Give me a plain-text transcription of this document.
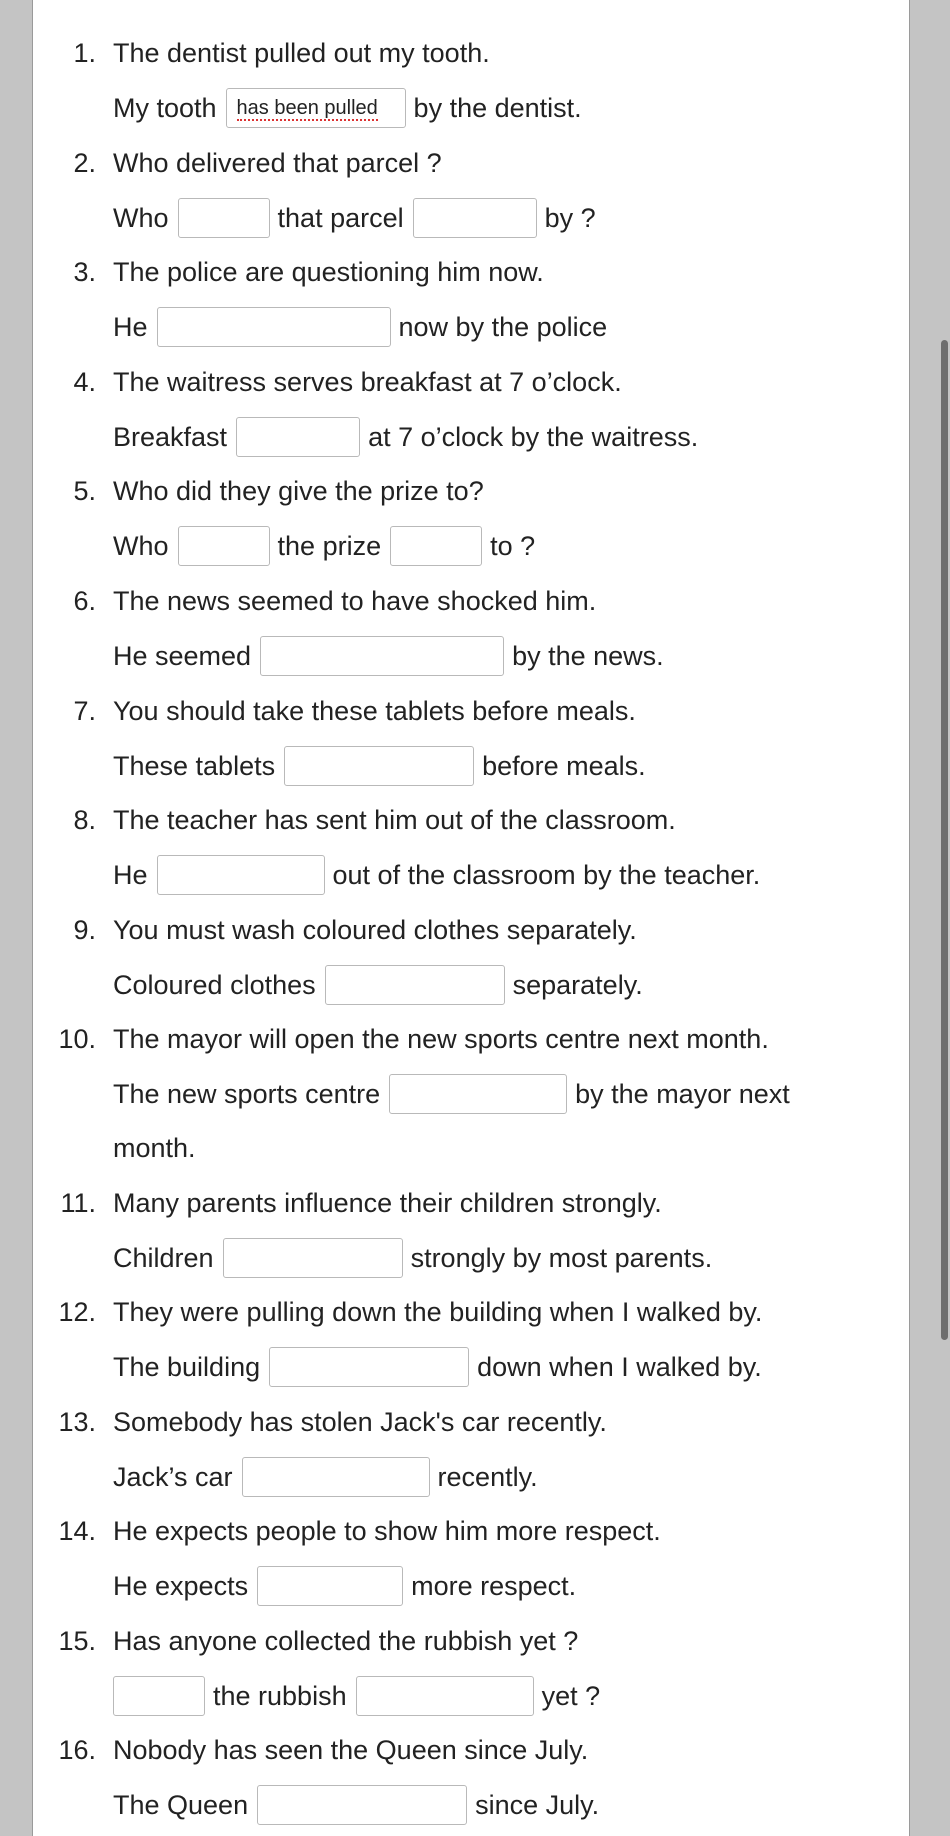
1. The dentist pulled out my tooth.
My tooth	has been pulled	by the dentist.
2. Who delivered that parcel ?
Who	that parcel	by ?
3. The police are questioning him now.
He	now by the police
4. The waitress serves breakfast at 7 o’clock.
Breakfast	at 7 o’clock by the waitress.
5. Who did they give the prize to?
Who	the prize	to ?
6. The news seemed to have shocked him.
He seemed	by the news.
7. You should take these tablets before meals.
These tablets	before meals.
8. The teacher has sent him out of the classroom.
He	out of the classroom by the teacher.
9. You must wash coloured clothes separately.
Coloured clothes	separately.
10. The mayor will open the new sports centre next month.
The new sports centre	by the mayor next
month.
11. Many parents influence their children strongly.
Children	strongly by most parents.
12. They were pulling down the building when I walked by.
The building	down when I walked by.
13. Somebody has stolen Jack's car recently.
Jack’s car	recently.
14. He expects people to show him more respect.
He expects	more respect.
15. Has anyone collected the rubbish yet ?
the rubbish	yet ?
16. Nobody has seen the Queen since July.
The Queen	since July.
